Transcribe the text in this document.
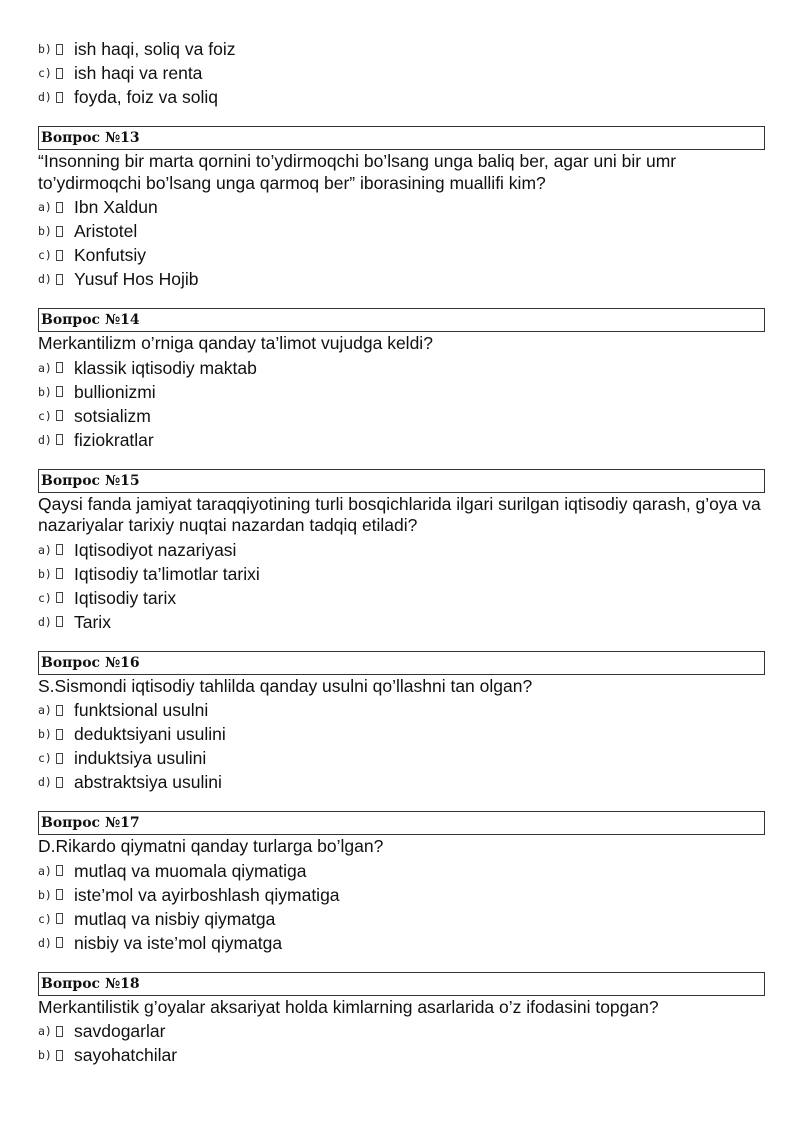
b)	ish haqi, soliq va foiz
c)	ish haqi va renta
d)	foyda, foiz va soliq
Вопрос №13
“Insonning bir marta qornini to’ydirmoqchi bo’lsang unga baliq ber, agar uni bir umr to’ydirmoqchi bo’lsang unga qarmoq ber” iborasining muallifi kim?
a)	Ibn Xaldun
b)	Aristotel
c)	Konfutsiy
d)	Yusuf Hos Hojib
Вопрос №14
Merkantilizm o’rniga qanday ta’limot vujudga keldi?
a)	klassik iqtisodiy maktab
b)	bullionizmi
c)	sotsializm
d)	fiziokratlar
Вопрос №15
Qaysi fanda jamiyat taraqqiyotining turli bosqichlarida ilgari surilgan iqtisodiy qarash, g’oya va nazariyalar tarixiy nuqtai nazardan tadqiq etiladi?
a)	Iqtisodiyot nazariyasi
b)	Iqtisodiy ta’limotlar tarixi
c)	Iqtisodiy tarix
d)	Tarix
Вопрос №16
S.Sismondi iqtisodiy tahlilda qanday usulni qo’llashni tan olgan?
a)	funktsional usulni
b)	deduktsiyani usulini
c)	induktsiya usulini
d)	abstraktsiya usulini
Вопрос №17
D.Rikardo qiymatni qanday turlarga bo’lgan?
a)	mutlaq va muomala qiymatiga
b)	iste’mol va ayirboshlash qiymatiga
c)	mutlaq va nisbiy qiymatga
d)	nisbiy va iste’mol qiymatga
Вопрос №18
Merkantilistik g’oyalar aksariyat holda kimlarning asarlarida o’z ifodasini topgan?
a)	savdogarlar
b)	sayohatchilar
